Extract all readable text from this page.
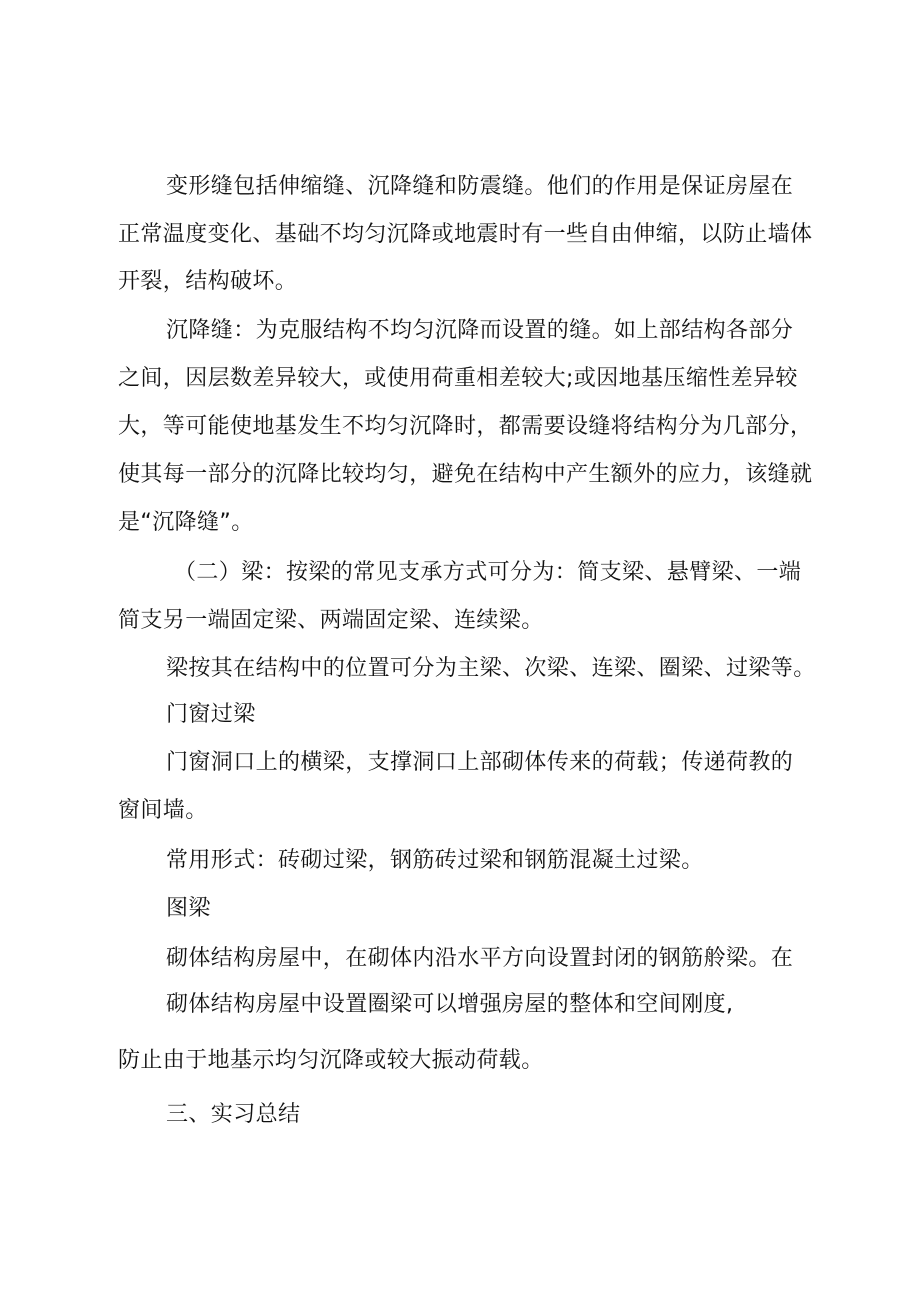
变形缝包括伸缩缝、沉降缝和防震缝。他们的作用是保证房屋在
正常温度变化、基础不均匀沉降或地震时有一些自由伸缩，以防止墙体
开裂，结构破坏。
沉降缝：为克服结构不均匀沉降而设置的缝。如上部结构各部分
之间，因层数差异较大，或使用荷重相差较大;或因地基压缩性差异较
大，等可能使地基发生不均匀沉降时，都需要设缝将结构分为几部分，
使其每一部分的沉降比较均匀，避免在结构中产生额外的应力，该缝就
是“沉降缝”。
（二）梁：按梁的常见支承方式可分为：简支梁、悬臂梁、一端
简支另一端固定梁、两端固定梁、连续梁。
梁按其在结构中的位置可分为主梁、次梁、连梁、圈梁、过梁等。
门窗过梁
门窗洞口上的横梁，支撑洞口上部砌体传来的荷载；传递荷教的
窗间墙。
常用形式：砖砌过梁，钢筋砖过梁和钢筋混凝土过梁。
图梁
砌体结构房屋中，在砌体内沿水平方向设置封闭的钢筋舲梁。在
砌体结构房屋中设置圈梁可以增强房屋的整体和空间刚度,
防止由于地基示均匀沉降或较大振动荷载。
三、实习总结
